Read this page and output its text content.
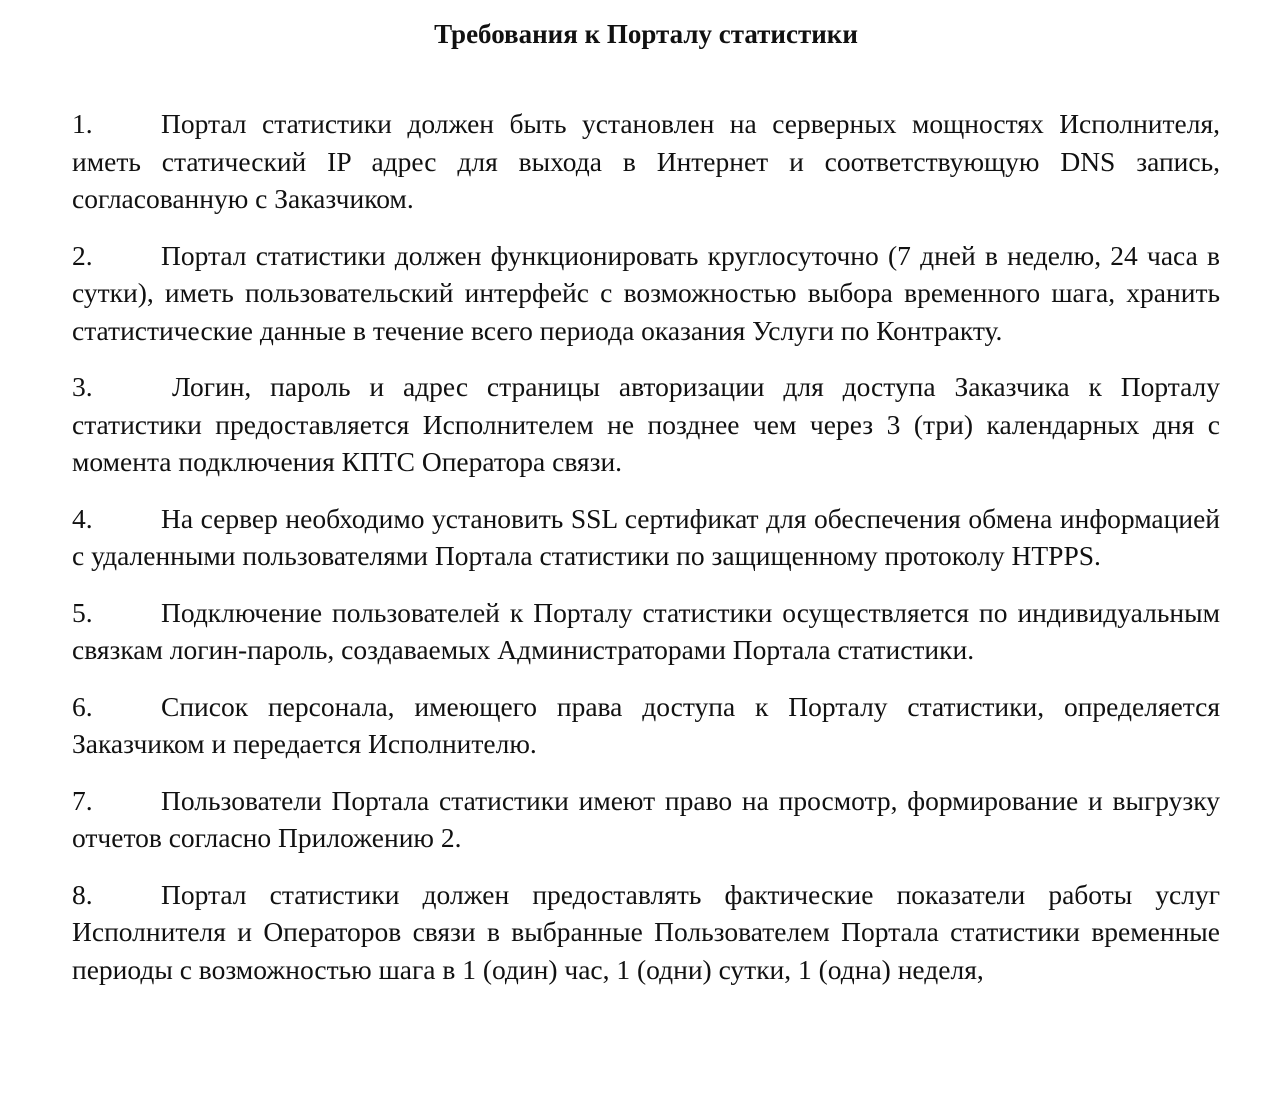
Требования к Порталу статистики
1. Портал статистики должен быть установлен на серверных мощностях Исполнителя, иметь статический IP адрес для выхода в Интернет и соответствующую DNS запись, согласованную с Заказчиком.
2. Портал статистики должен функционировать круглосуточно (7 дней в неделю, 24 часа в сутки), иметь пользовательский интерфейс с возможностью выбора временного шага, хранить статистические данные в течение всего периода оказания Услуги по Контракту.
3.	Логин, пароль и адрес страницы авторизации для доступа Заказчика к Порталу статистики предоставляется Исполнителем не позднее чем через 3 (три) календарных дня с момента подключения КПТС Оператора связи.
4. На сервер необходимо установить SSL сертификат для обеспечения обмена информацией с удаленными пользователями Портала статистики по защищенному протоколу HTPPS.
5. Подключение пользователей к Порталу статистики осуществляется по индивидуальным связкам логин-пароль, создаваемых Администраторами Портала статистики.
6. Список персонала, имеющего права доступа к Порталу статистики, определяется Заказчиком и передается Исполнителю.
7. Пользователи Портала статистики имеют право на просмотр, формирование и выгрузку отчетов согласно Приложению 2.
8. Портал статистики должен предоставлять фактические показатели работы услуг Исполнителя и Операторов связи в выбранные Пользователем Портала статистики временные периоды с возможностью шага в 1 (один) час, 1 (одни) сутки, 1 (одна) неделя,
